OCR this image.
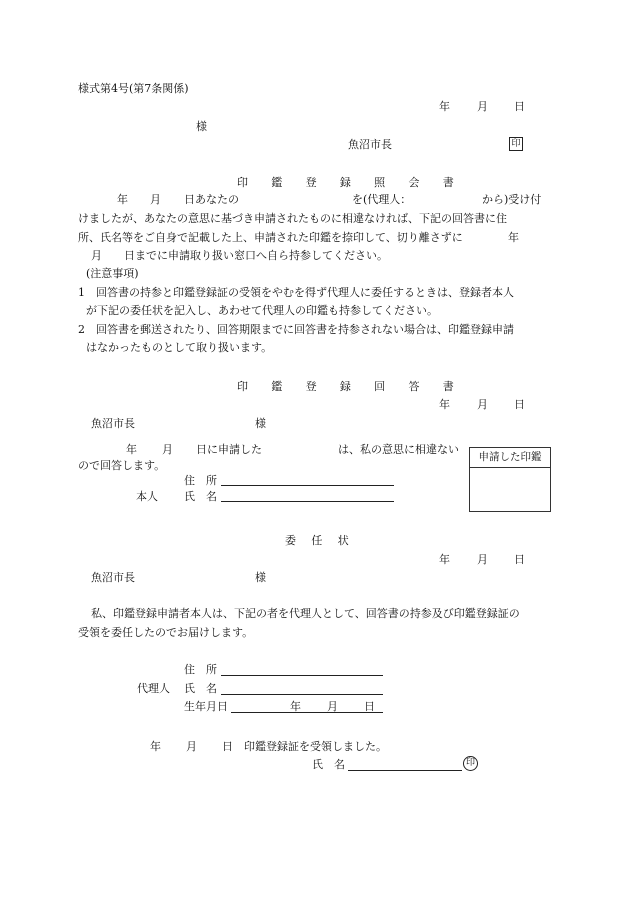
様式第4号(第7条関係)
年 月 日
様
魚沼市長	印
印 鑑 登 録 照 会 書
年 月 日あなたの	を(代理人：	から)受け付
けましたが、あなたの意思に基づき申請されたものに相違なければ、下記の回答書に住
所、氏名等をご自身で記載した上、申請された印鑑を捺印して、切り離さずに	年
月 日までに申請取り扱い窓口へ自ら持参してください。
(注意事項)
1　回答書の持参と印鑑登録証の受領をやむを得ず代理人に委任するときは、登録者本人
が下記の委任状を記入し、あわせて代理人の印鑑も持参してください。
2　回答書を郵送されたり、回答期限までに回答書を持参されない場合は、印鑑登録申請
はなかったものとして取り扱います。
印 鑑 登 録 回 答 書
年 月 日
魚沼市長	様
年 月 日に申請した	は、私の意思に相違ない
ので回答します。
住　所
本人 氏　名
申請した印鑑
委　任　状
年 月 日
魚沼市長	様
私、印鑑登録申請者本人は、下記の者を代理人として、回答書の持参及び印鑑登録証の
受領を委任したのでお届けします。
住　所
代理人 氏　名
生年月日	年 月 日
年 月 日 印鑑登録証を受領しました。
氏　名	印
